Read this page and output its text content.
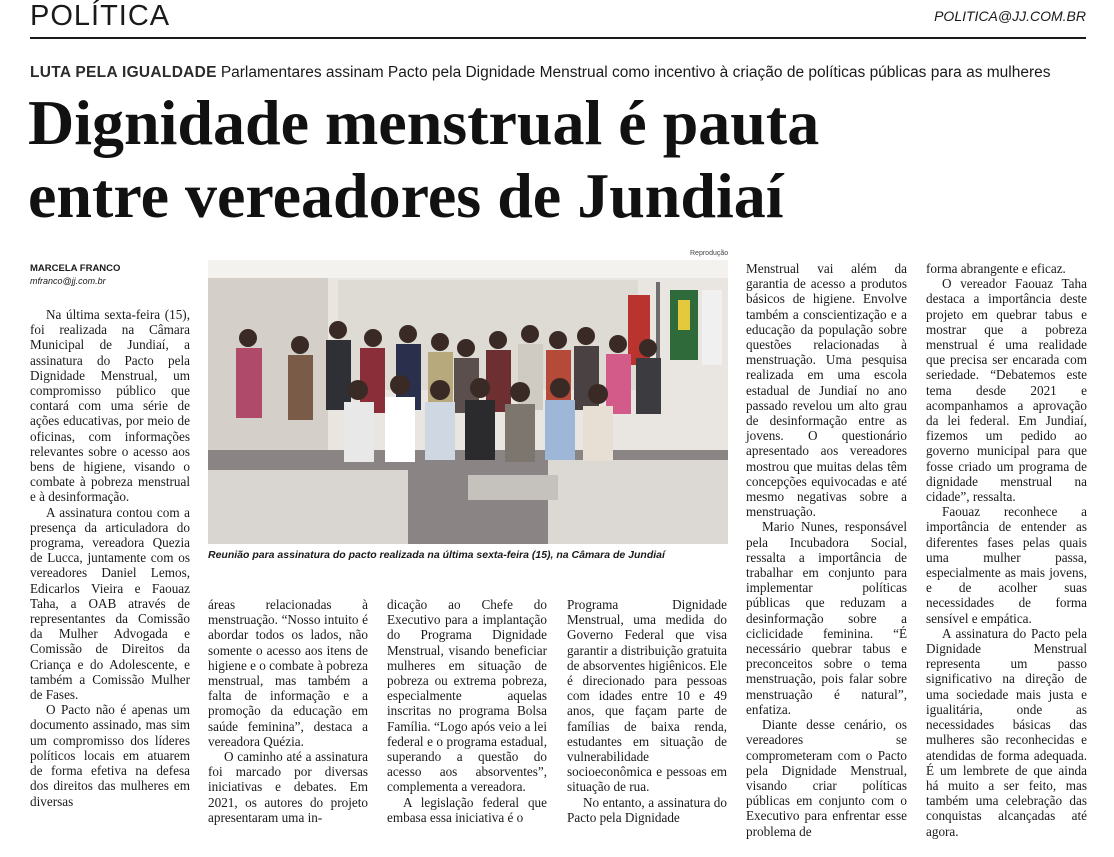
POLÍTICA	POLITICA@JJ.COM.BR
LUTA PELA IGUALDADE Parlamentares assinam Pacto pela Dignidade Menstrual como incentivo à criação de políticas públicas para as mulheres
Dignidade menstrual é pauta
entre vereadores de Jundiaí
MARCELA FRANCO
mfranco@jj.com.br

Na última sexta-feira (15), foi realizada na Câmara Municipal de Jundiaí, a assinatura do Pacto pela Dignidade Menstrual, um compromisso público que contará com uma série de ações educativas, por meio de oficinas, com informações relevantes sobre o acesso aos bens de higiene, visando o combate à pobreza menstrual e à desinformação.

A assinatura contou com a presença da articuladora do programa, vereadora Quezia de Lucca, juntamente com os vereadores Daniel Lemos, Edicarlos Vieira e Faouaz Taha, a OAB através de representantes da Comissão da Mulher Advogada e Comissão de Direitos da Criança e do Adolescente, e também a Comissão Mulher de Fases.

O Pacto não é apenas um documento assinado, mas sim um compromisso dos líderes políticos locais em atuarem de forma efetiva na defesa dos direitos das mulheres em diversas

Reprodução
Reunião para assinatura do pacto realizada na última sexta-feira (15), na Câmara de Jundiaí

áreas relacionadas à menstruação. “Nosso intuito é abordar todos os lados, não somente o acesso aos itens de higiene e o combate à pobreza menstrual, mas também a falta de informação e a promoção da educação em saúde feminina”, destaca a vereadora Quézia.

O caminho até a assinatura foi marcado por diversas iniciativas e debates. Em 2021, os autores do projeto apresentaram uma in-

dicação ao Chefe do Executivo para a implantação do Programa Dignidade Menstrual, visando beneficiar mulheres em situação de pobreza ou extrema pobreza, especialmente aquelas inscritas no programa Bolsa Família. “Logo após veio a lei federal e o programa estadual, superando a questão do acesso aos absorventes”, complementa a vereadora.

A legislação federal que embasa essa iniciativa é o

Programa Dignidade Menstrual, uma medida do Governo Federal que visa garantir a distribuição gratuita de absorventes higiênicos. Ele é direcionado para pessoas com idades entre 10 e 49 anos, que façam parte de famílias de baixa renda, estudantes em situação de vulnerabilidade socioeconômica e pessoas em situação de rua.

No entanto, a assinatura do Pacto pela Dignidade

Menstrual vai além da garantia de acesso a produtos básicos de higiene. Envolve também a conscientização e a educação da população sobre questões relacionadas à menstruação. Uma pesquisa realizada em uma escola estadual de Jundiaí no ano passado revelou um alto grau de desinformação entre as jovens. O questionário apresentado aos vereadores mostrou que muitas delas têm concepções equivocadas e até mesmo negativas sobre a menstruação.

Mario Nunes, responsável pela Incubadora Social, ressalta a importância de trabalhar em conjunto para implementar políticas públicas que reduzam a desinformação sobre a ciclicidade feminina. “É necessário quebrar tabus e preconceitos sobre o tema menstruação, pois falar sobre menstruação é natural”, enfatiza.

Diante desse cenário, os vereadores se comprometeram com o Pacto pela Dignidade Menstrual, visando criar políticas públicas em conjunto com o Executivo para enfrentar esse problema de

forma abrangente e eficaz.

O vereador Faouaz Taha destaca a importância deste projeto em quebrar tabus e mostrar que a pobreza menstrual é uma realidade que precisa ser encarada com seriedade. “Debatemos este tema desde 2021 e acompanhamos a aprovação da lei federal. Em Jundiaí, fizemos um pedido ao governo municipal para que fosse criado um programa de dignidade menstrual na cidade”, ressalta.

Faouaz reconhece a importância de entender as diferentes fases pelas quais uma mulher passa, especialmente as mais jovens, e de acolher suas necessidades de forma sensível e empática.

A assinatura do Pacto pela Dignidade Menstrual representa um passo significativo na direção de uma sociedade mais justa e igualitária, onde as necessidades básicas das mulheres são reconhecidas e atendidas de forma adequada. É um lembrete de que ainda há muito a ser feito, mas também uma celebração das conquistas alcançadas até agora.
